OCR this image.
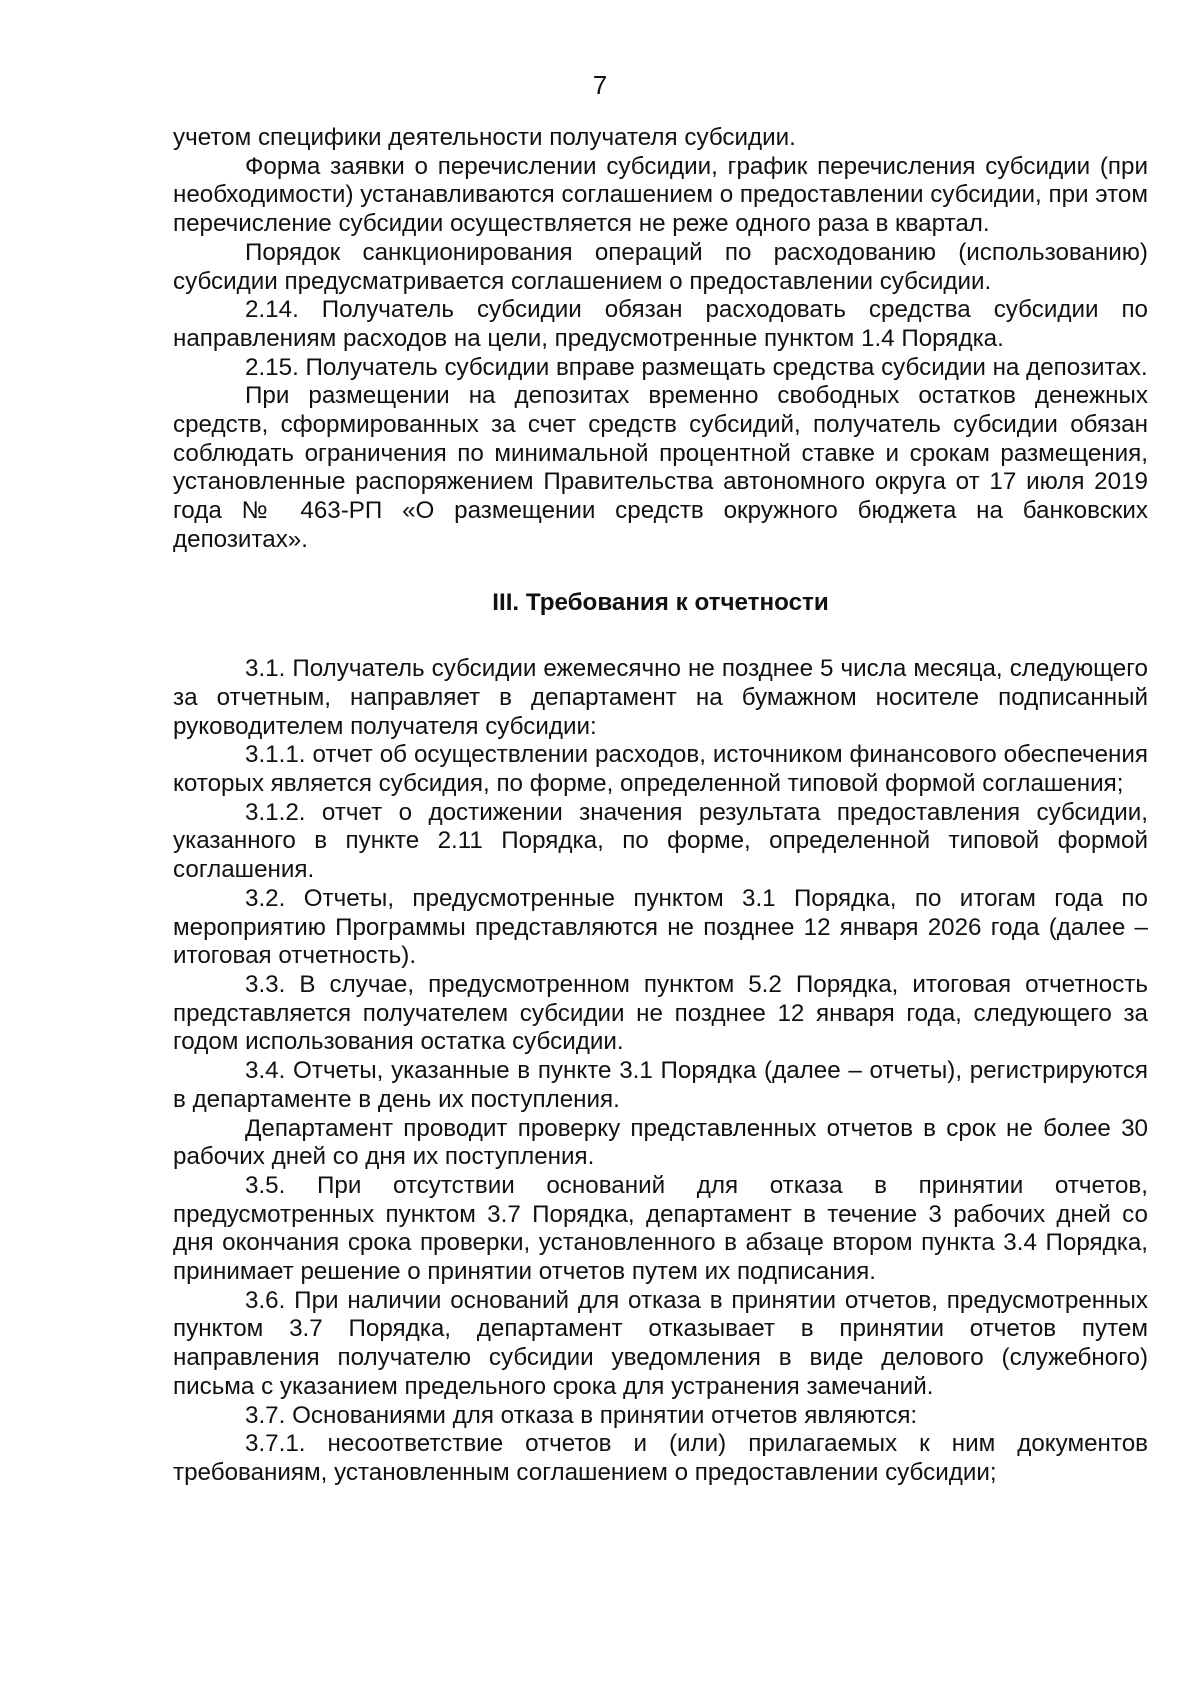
7

учетом специфики деятельности получателя субсидии.

Форма заявки о перечислении субсидии, график перечисления субсидии (при необходимости) устанавливаются соглашением о предоставлении субсидии, при этом перечисление субсидии осуществляется не реже одного раза в квартал.

Порядок санкционирования операций по расходованию (использованию) субсидии предусматривается соглашением о предоставлении субсидии.

2.14. Получатель субсидии обязан расходовать средства субсидии по направлениям расходов на цели, предусмотренные пунктом 1.4 Порядка.

2.15. Получатель субсидии вправе размещать средства субсидии на депозитах.

При размещении на депозитах временно свободных остатков денежных средств, сформированных за счет средств субсидий, получатель субсидии обязан соблюдать ограничения по минимальной процентной ставке и срокам размещения, установленные распоряжением Правительства автономного округа от 17 июля 2019 года № 463-РП «О размещении средств окружного бюджета на банковских депозитах».

III. Требования к отчетности

3.1. Получатель субсидии ежемесячно не позднее 5 числа месяца, следующего за отчетным, направляет в департамент на бумажном носителе подписанный руководителем получателя субсидии:

3.1.1. отчет об осуществлении расходов, источником финансового обеспечения которых является субсидия, по форме, определенной типовой формой соглашения;

3.1.2. отчет о достижении значения результата предоставления субсидии, указанного в пункте 2.11 Порядка, по форме, определенной типовой формой соглашения.

3.2. Отчеты, предусмотренные пунктом 3.1 Порядка, по итогам года по мероприятию Программы представляются не позднее 12 января 2026 года (далее – итоговая отчетность).

3.3. В случае, предусмотренном пунктом 5.2 Порядка, итоговая отчетность представляется получателем субсидии не позднее 12 января года, следующего за годом использования остатка субсидии.

3.4. Отчеты, указанные в пункте 3.1 Порядка (далее – отчеты), регистрируются в департаменте в день их поступления.

Департамент проводит проверку представленных отчетов в срок не более 30 рабочих дней со дня их поступления.

3.5. При отсутствии оснований для отказа в принятии отчетов, предусмотренных пунктом 3.7 Порядка, департамент в течение 3 рабочих дней со дня окончания срока проверки, установленного в абзаце втором пункта 3.4 Порядка, принимает решение о принятии отчетов путем их подписания.

3.6. При наличии оснований для отказа в принятии отчетов, предусмотренных пунктом 3.7 Порядка, департамент отказывает в принятии отчетов путем направления получателю субсидии уведомления в виде делового (служебного) письма с указанием предельного срока для устранения замечаний.

3.7. Основаниями для отказа в принятии отчетов являются:

3.7.1. несоответствие отчетов и (или) прилагаемых к ним документов требованиям, установленным соглашением о предоставлении субсидии;
